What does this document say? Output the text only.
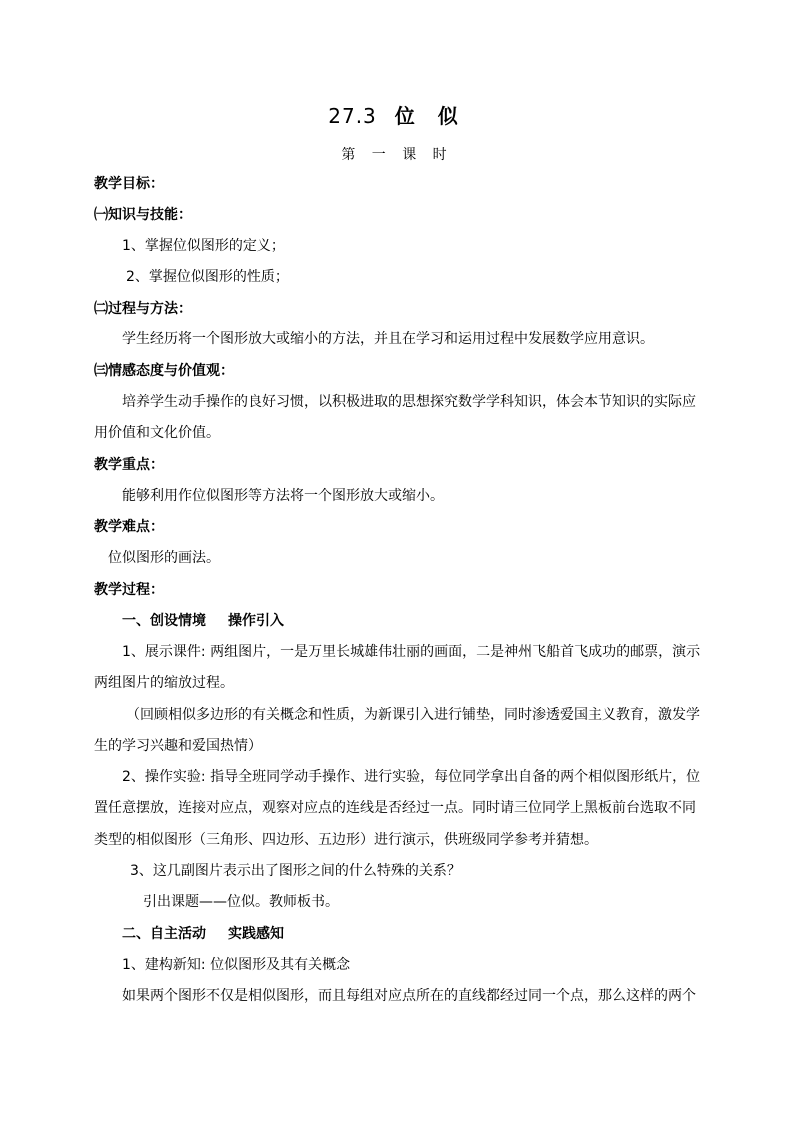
27.3 位 似
第 一 课 时
教学目标：
㈠知识与技能：
1、掌握位似图形的定义；
2、掌握位似图形的性质；
㈡过程与方法：
学生经历将一个图形放大或缩小的方法，并且在学习和运用过程中发展数学应用意识。
㈢情感态度与价值观：
培养学生动手操作的良好习惯，以积极进取的思想探究数学学科知识，体会本节知识的实际应
用价值和文化价值。
教学重点：
能够利用作位似图形等方法将一个图形放大或缩小。
教学难点：
位似图形的画法。
教学过程：
一、创设情境 操作引入
1、展示课件: 两组图片，一是万里长城雄伟壮丽的画面，二是神州飞船首飞成功的邮票，演示
两组图片的缩放过程。
（回顾相似多边形的有关概念和性质，为新课引入进行铺垫，同时渗透爱国主义教育，激发学
生的学习兴趣和爱国热情）
2、操作实验: 指导全班同学动手操作、进行实验，每位同学拿出自备的两个相似图形纸片，位
置任意摆放，连接对应点，观察对应点的连线是否经过一点。同时请三位同学上黑板前台选取不同
类型的相似图形（三角形、四边形、五边形）进行演示，供班级同学参考并猜想。
3、这几副图片表示出了图形之间的什么特殊的关系？
引出课题——位似。教师板书。
二、自主活动 实践感知
1、建构新知: 位似图形及其有关概念
如果两个图形不仅是相似图形，而且每组对应点所在的直线都经过同一个点，那么这样的两个
